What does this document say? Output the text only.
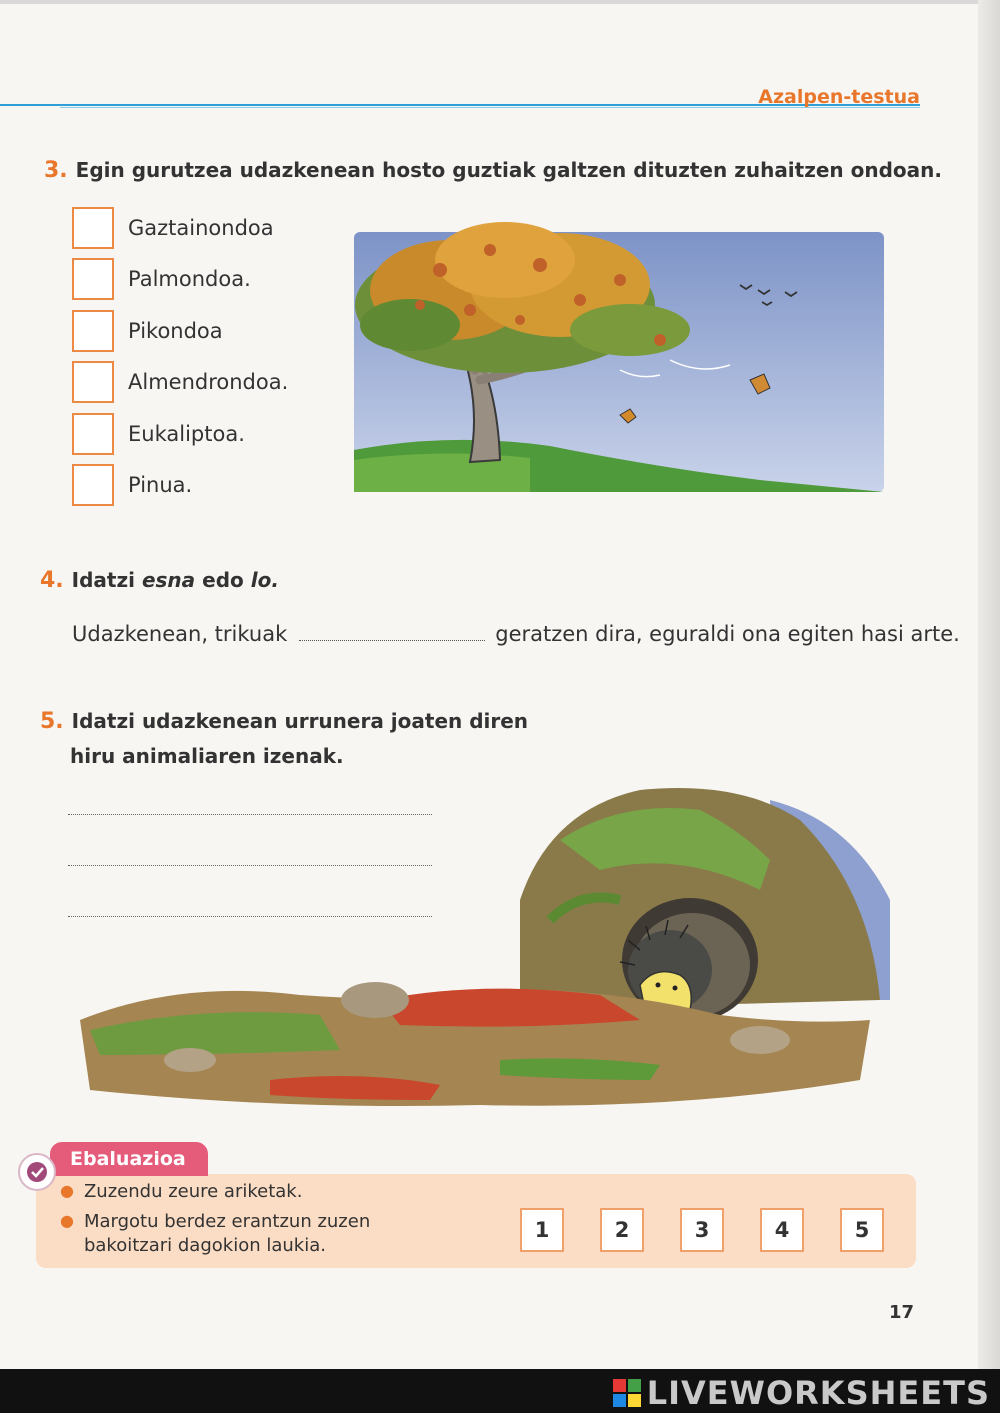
Azalpen-testua
3. Egin gurutzea udazkenean hosto guztiak galtzen dituzten zuhaitzen ondoan.
Gaztainondoa
Palmondoa.
Pikondoa
Almendrondoa.
Eukaliptoa.
Pinua.
4. Idatzi esna edo lo.
Udazkenean, trikuak	geratzen dira, eguraldi ona egiten hasi arte.
5. Idatzi udazkenean urrunera joaten diren
hiru animaliaren izenak.
Ebaluazioa
● Zuzendu zeure ariketak.
● Margotu berdez erantzun zuzen bakoitzari dagokion laukia.
1	2	3	4	5
17
LIVEWORKSHEETS
